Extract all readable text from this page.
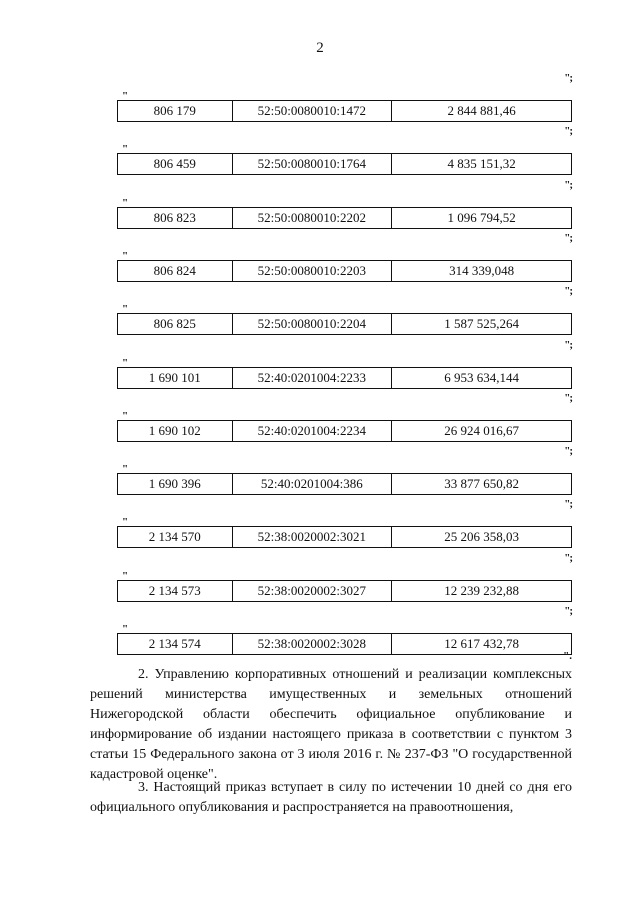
2
";
"
806 179	52:50:0080010:1472	2 844 881,46
";
"
806 459	52:50:0080010:1764	4 835 151,32
";
"
806 823	52:50:0080010:2202	1 096 794,52
";
"
806 824	52:50:0080010:2203	314 339,048
";
"
806 825	52:50:0080010:2204	1 587 525,264
";
"
1 690 101	52:40:0201004:2233	6 953 634,144
";
"
1 690 102	52:40:0201004:2234	26 924 016,67
";
"
1 690 396	52:40:0201004:386	33 877 650,82
";
"
2 134 570	52:38:0020002:3021	25 206 358,03
";
"
2 134 573	52:38:0020002:3027	12 239 232,88
";
"
2 134 574	52:38:0020002:3028	12 617 432,78
".

2. Управлению корпоративных отношений и реализации комплексных решений министерства имущественных и земельных отношений Нижегородской области обеспечить официальное опубликование и информирование об издании настоящего приказа в соответствии с пунктом 3 статьи 15 Федерального закона от 3 июля 2016 г. № 237-ФЗ "О государственной кадастровой оценке".

3. Настоящий приказ вступает в силу по истечении 10 дней со дня его официального опубликования и распространяется на правоотношения,
